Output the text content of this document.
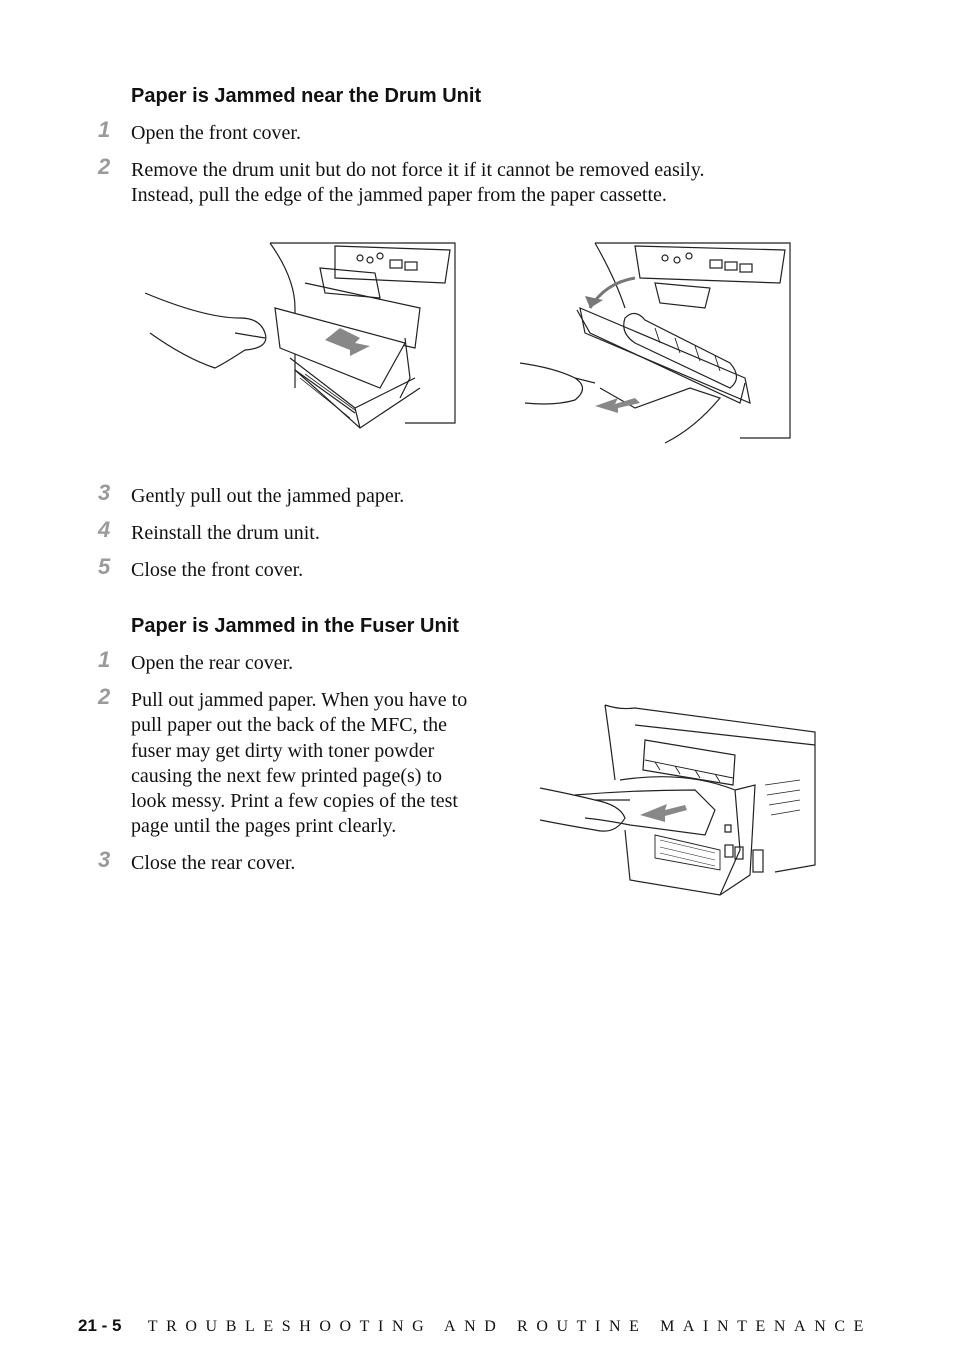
Paper is Jammed near the Drum Unit
1 Open the front cover.
2 Remove the drum unit but do not force it if it cannot be removed easily.
Instead, pull the edge of the jammed paper from the paper cassette.
3 Gently pull out the jammed paper.
4 Reinstall the drum unit.
5 Close the front cover.
Paper is Jammed in the Fuser Unit
1 Open the rear cover.
2 Pull out jammed paper. When you have to
pull paper out the back of the MFC, the
fuser may get dirty with toner powder
causing the next few printed page(s) to
look messy. Print a few copies of the test
page until the pages print clearly.
3 Close the rear cover.
21 - 5 TROUBLESHOOTING AND ROUTINE MAINTENANCE
